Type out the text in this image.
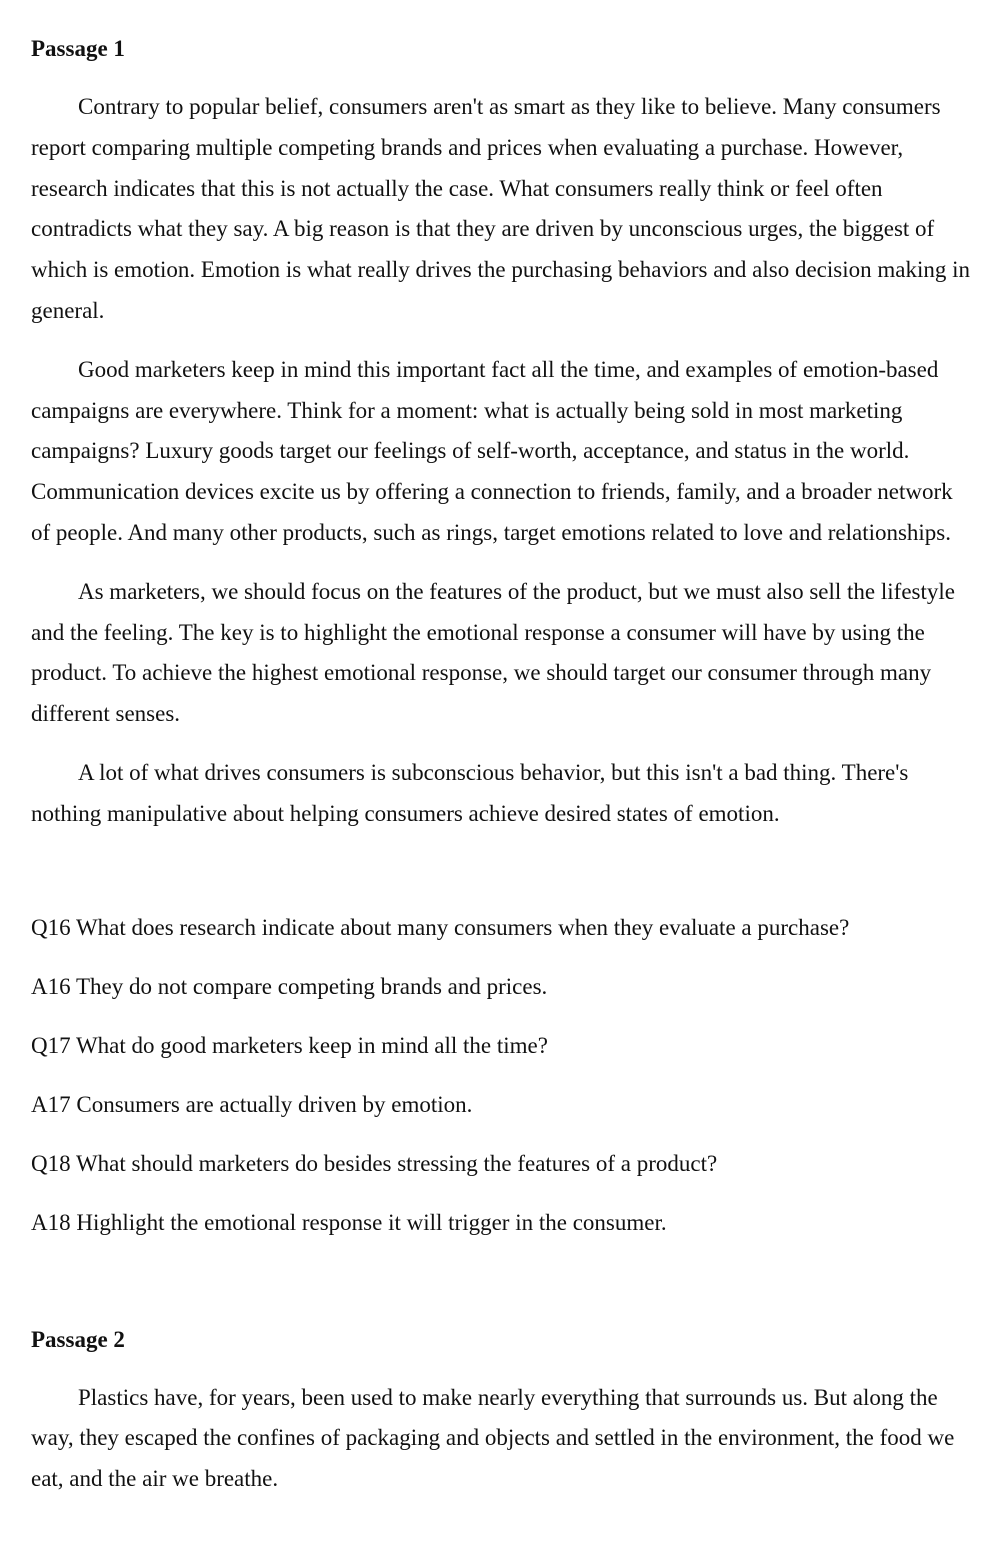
Passage 1

Contrary to popular belief, consumers aren't as smart as they like to believe. Many consumers report comparing multiple competing brands and prices when evaluating a purchase. However, research indicates that this is not actually the case. What consumers really think or feel often contradicts what they say. A big reason is that they are driven by unconscious urges, the biggest of which is emotion. Emotion is what really drives the purchasing behaviors and also decision making in general.

Good marketers keep in mind this important fact all the time, and examples of emotion-based campaigns are everywhere. Think for a moment: what is actually being sold in most marketing campaigns? Luxury goods target our feelings of self-worth, acceptance, and status in the world. Communication devices excite us by offering a connection to friends, family, and a broader network of people. And many other products, such as rings, target emotions related to love and relationships.

As marketers, we should focus on the features of the product, but we must also sell the lifestyle and the feeling. The key is to highlight the emotional response a consumer will have by using the product. To achieve the highest emotional response, we should target our consumer through many different senses.

A lot of what drives consumers is subconscious behavior, but this isn't a bad thing. There's nothing manipulative about helping consumers achieve desired states of emotion.

Q16 What does research indicate about many consumers when they evaluate a purchase?

A16 They do not compare competing brands and prices.

Q17 What do good marketers keep in mind all the time?

A17 Consumers are actually driven by emotion.

Q18 What should marketers do besides stressing the features of a product?

A18 Highlight the emotional response it will trigger in the consumer.

Passage 2

Plastics have, for years, been used to make nearly everything that surrounds us. But along the way, they escaped the confines of packaging and objects and settled in the environment, the food we eat, and the air we breathe.
